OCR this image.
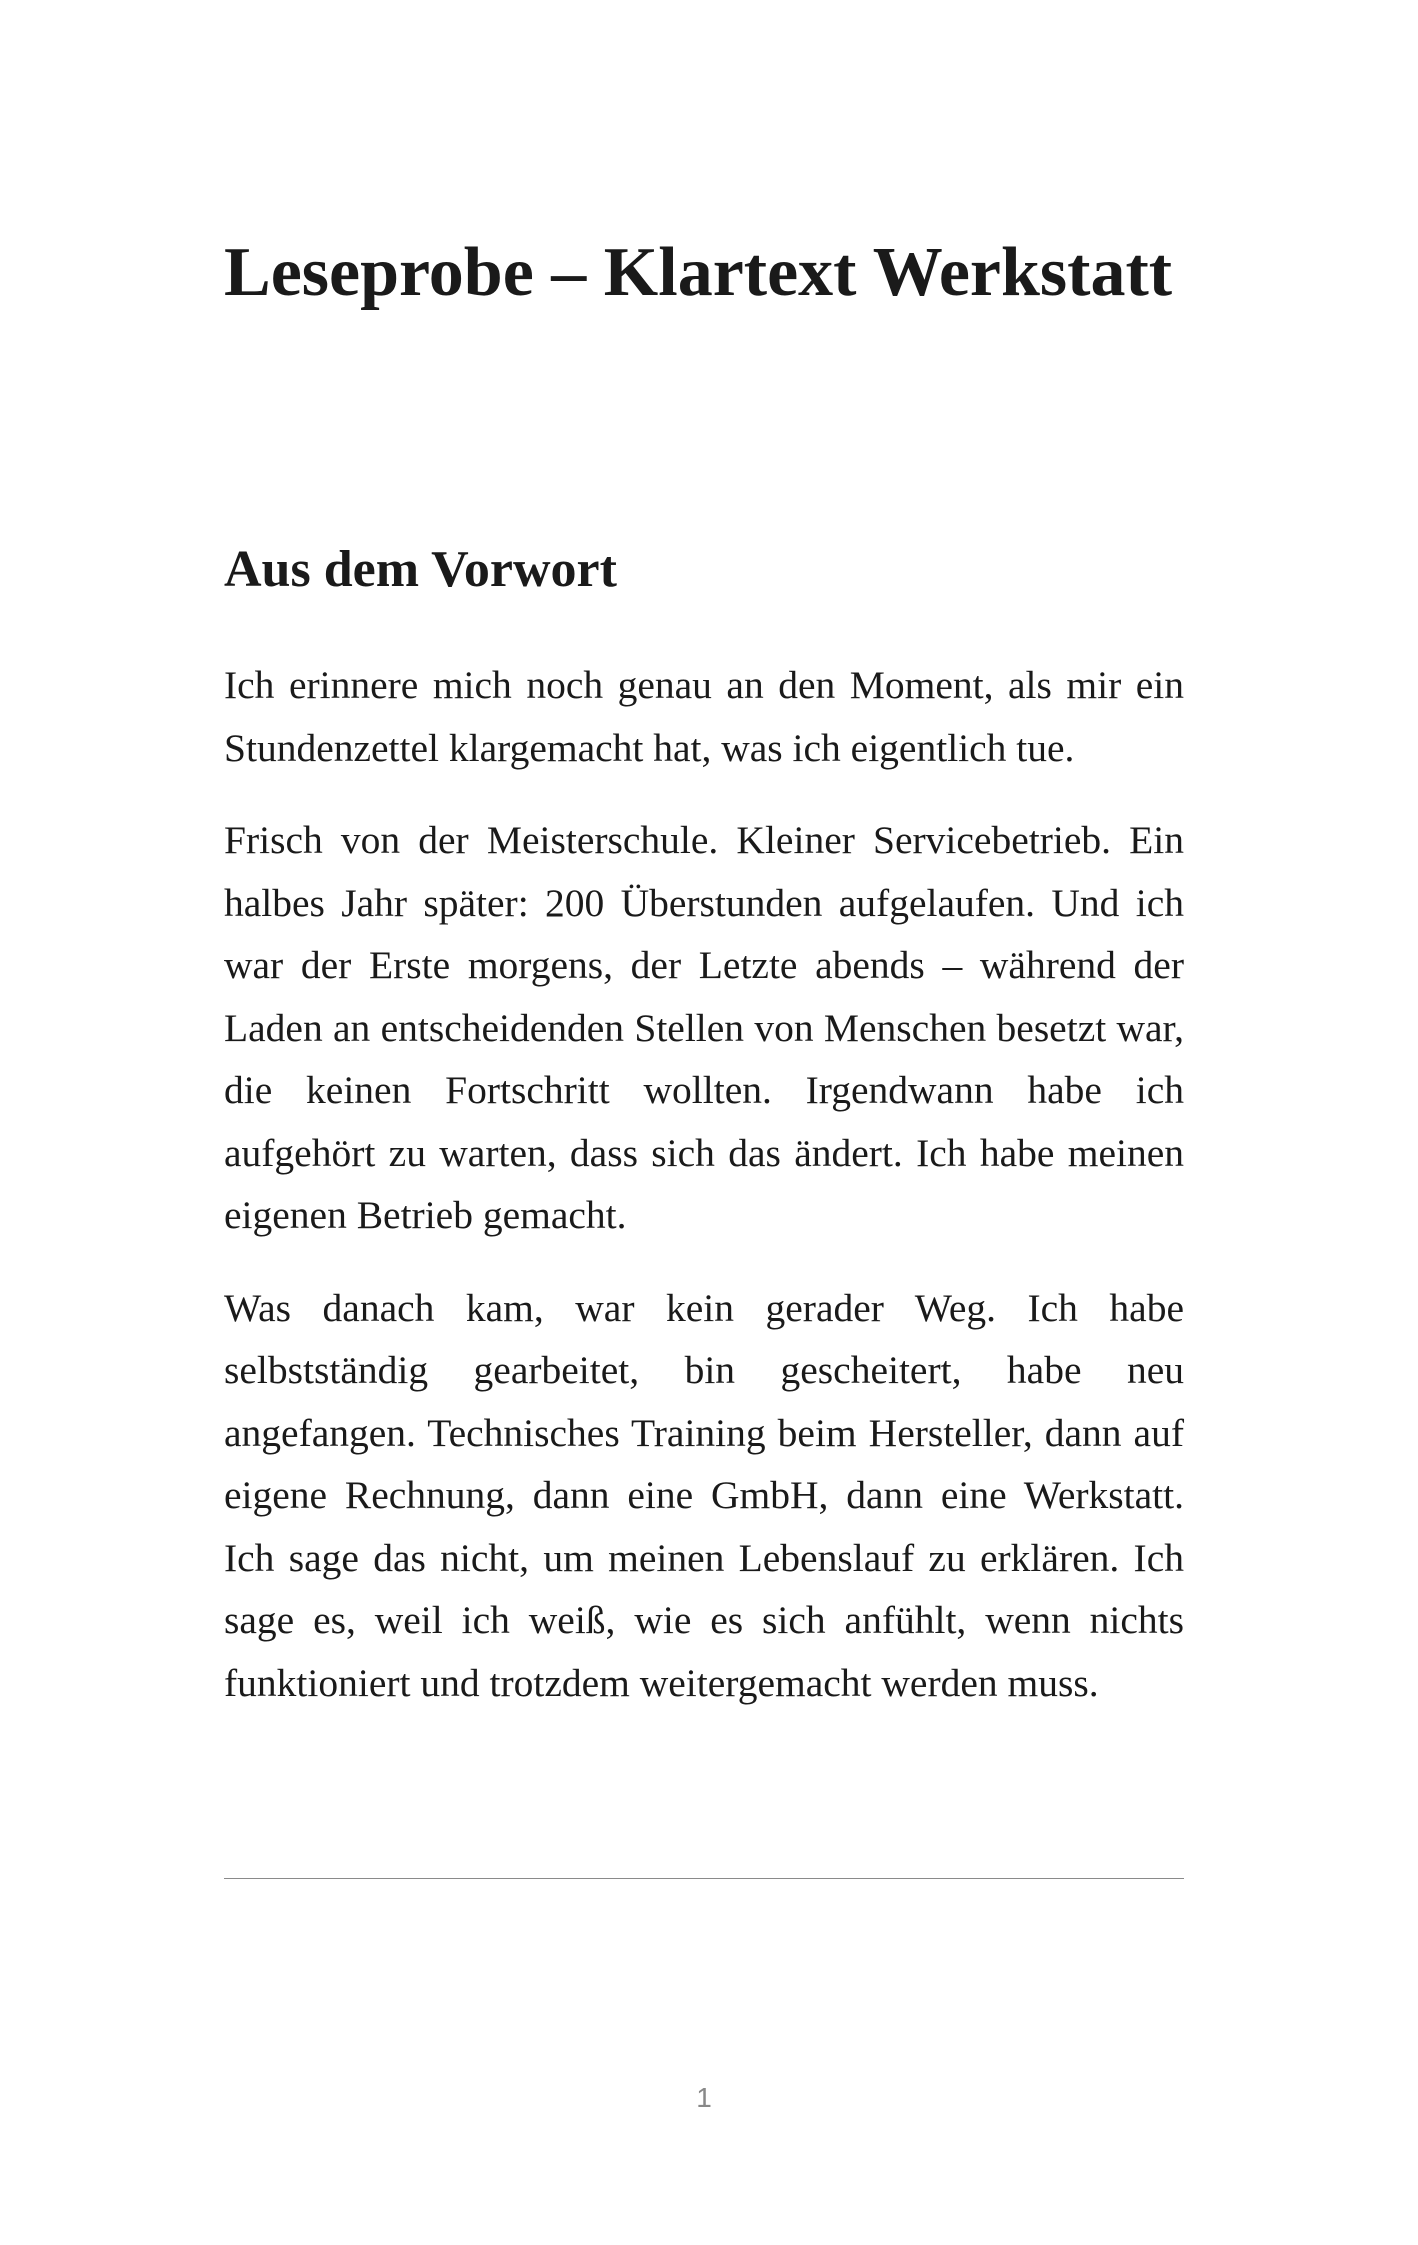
Leseprobe – Klartext Werkstatt
Aus dem Vorwort

Ich erinnere mich noch genau an den Moment, als mir ein Stundenzettel klargemacht hat, was ich eigentlich tue.

Frisch von der Meisterschule. Kleiner Servicebetrieb. Ein halbes Jahr später: 200 Überstunden aufgelaufen. Und ich war der Erste morgens, der Letzte abends – während der Laden an entscheidenden Stellen von Menschen besetzt war, die keinen Fortschritt wollten. Irgendwann habe ich aufgehört zu warten, dass sich das ändert. Ich habe meinen eigenen Betrieb gemacht.

Was danach kam, war kein gerader Weg. Ich habe selbstständig gearbeitet, bin gescheitert, habe neu angefangen. Technisches Training beim Hersteller, dann auf eigene Rechnung, dann eine GmbH, dann eine Werkstatt. Ich sage das nicht, um meinen Lebenslauf zu erklären. Ich sage es, weil ich weiß, wie es sich anfühlt, wenn nichts funktioniert und trotzdem weitergemacht werden muss.

1
